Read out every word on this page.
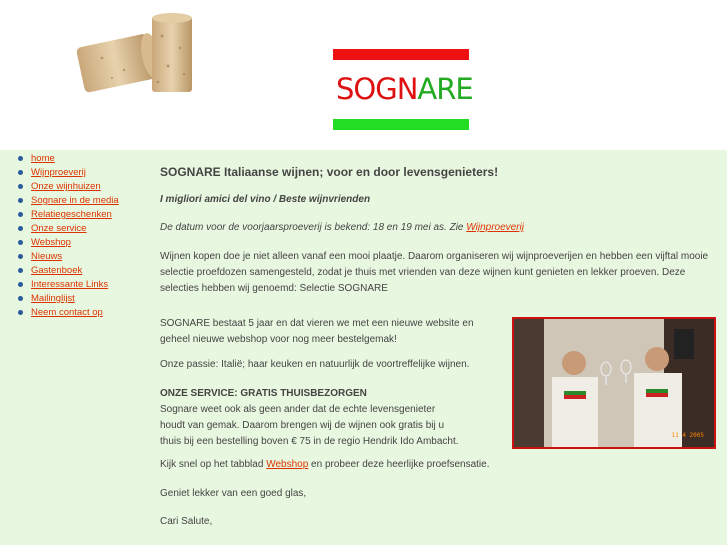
SOGNARE
home
Wijnproeverij
Onze wijnhuizen
Sognare in de media
Relatiegeschenken
Onze service
Webshop
Nieuws
Gastenboek
Interessante Links
Mailinglijst
Neem contact op

SOGNARE Italiaanse wijnen; voor en door levensgenieters!

I migliori amici del vino / Beste wijnvrienden

De datum voor de voorjaarsproeverij is bekend: 18 en 19 mei as. Zie Wijnproeverij

Wijnen kopen doe je niet alleen vanaf een mooi plaatje. Daarom organiseren wij wijnproeverijen en hebben een vijftal mooie selectie proefdozen samengesteld, zodat je thuis met vrienden van deze wijnen kunt genieten en lekker proeven. Deze selecties hebben wij genoemd: Selectie SOGNARE

SOGNARE bestaat 5 jaar en dat vieren we met een nieuwe website en geheel nieuwe webshop voor nog meer bestelgemak!

Onze passie: Italië; haar keuken en natuurlijk de voortreffelijke wijnen.

ONZE SERVICE: GRATIS THUISBEZORGEN

Sognare weet ook als geen ander dat de echte levensgenieter
houdt van gemak. Daarom brengen wij de wijnen ook gratis bij u
thuis bij een bestelling boven € 75 in de regio Hendrik Ido Ambacht.

Kijk snel op het tabblad Webshop en probeer deze heerlijke proefsensatie.

Geniet lekker van een goed glas,

Cari Salute,

11 4 2005
